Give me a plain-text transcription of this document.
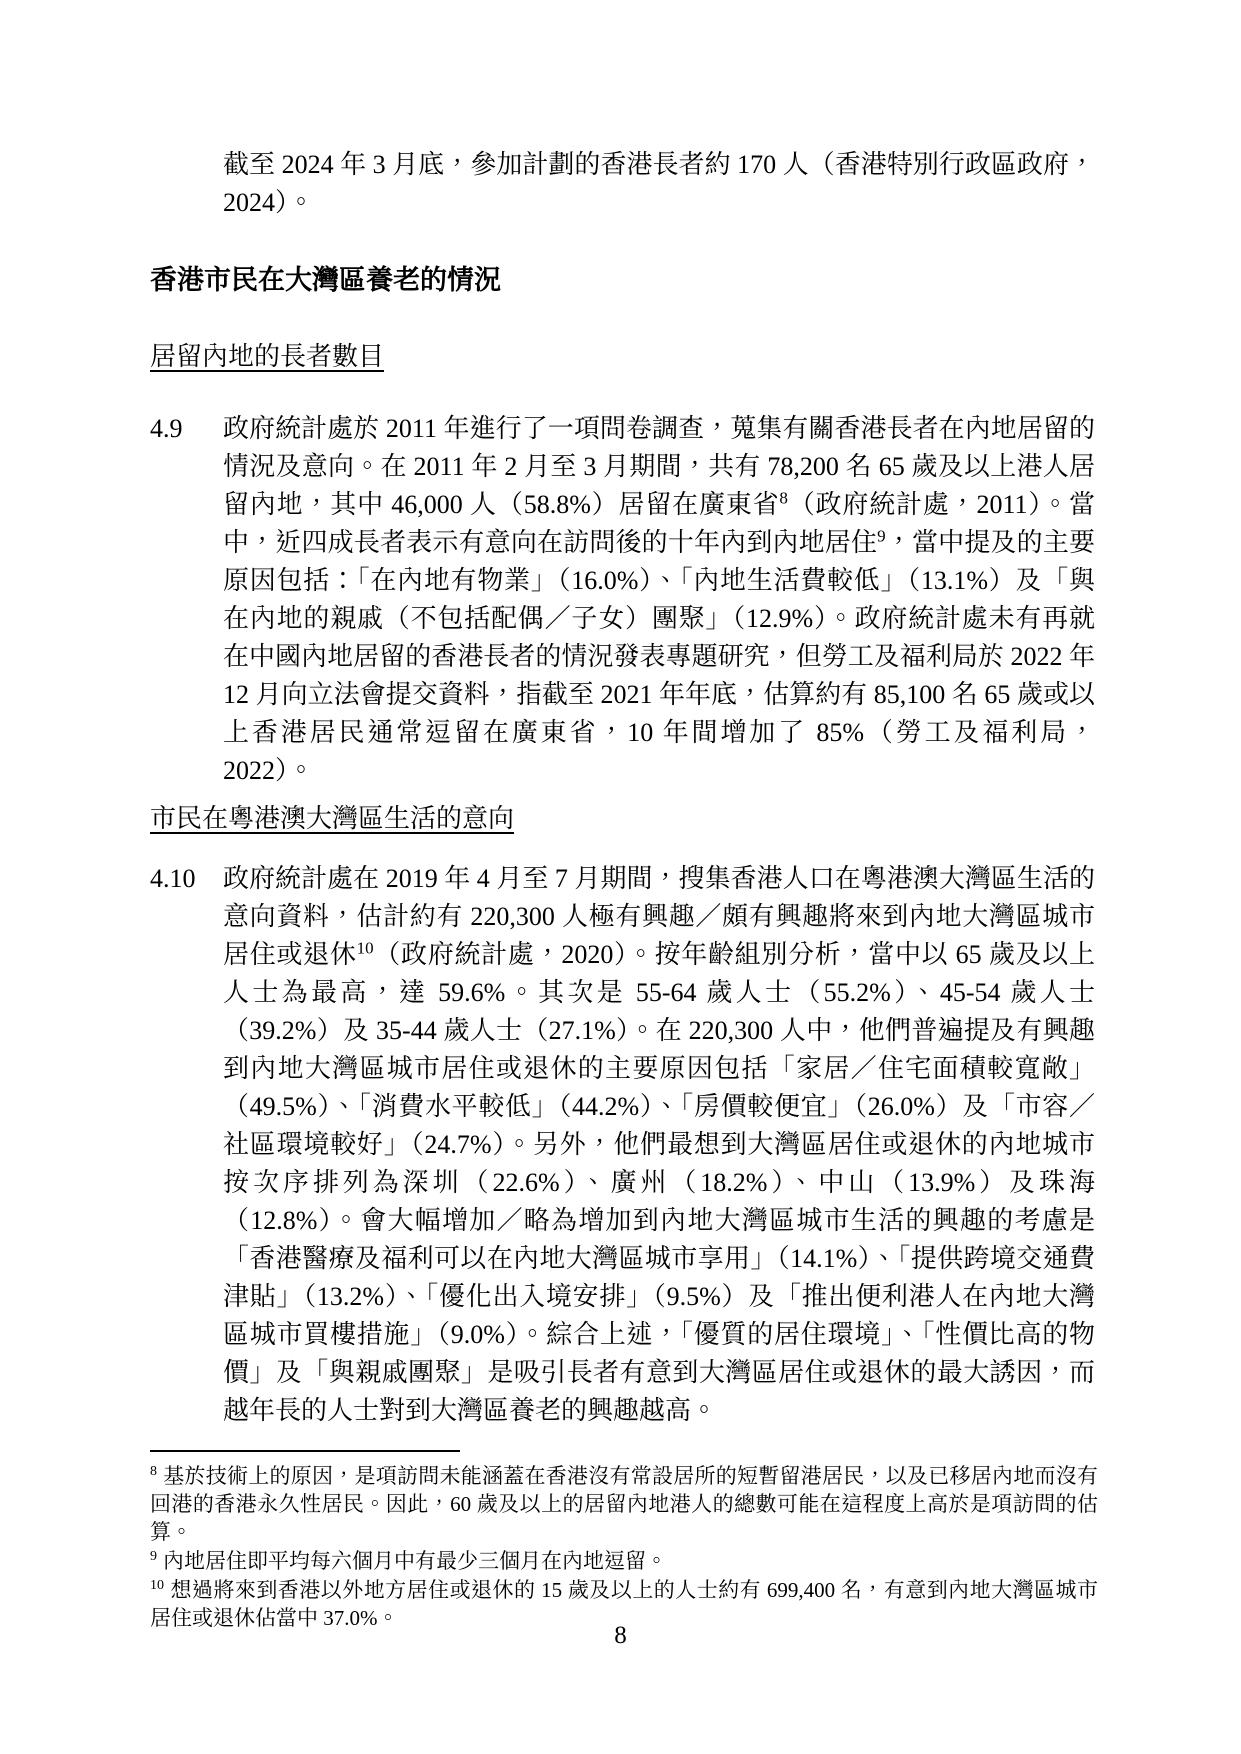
截至 2024 年 3 月底，參加計劃的香港長者約 170 人（香港特別行政區政府，2024）。
香港市民在大灣區養老的情況
居留內地的長者數目
4.9 政府統計處於 2011 年進行了一項問卷調查，蒐集有關香港長者在內地居留的情況及意向。在 2011 年 2 月至 3 月期間，共有 78,200 名 65 歲及以上港人居留內地，其中 46,000 人（58.8%）居留在廣東省$^8$（政府統計處，2011）。當中，近四成長者表示有意向在訪問後的十年內到內地居住$^9$，當中提及的主要原因包括：「在內地有物業」（16.0%）、「內地生活費較低」（13.1%）及「與在內地的親戚（不包括配偶／子女）團聚」（12.9%）。政府統計處未有再就在中國內地居留的香港長者的情況發表專題研究，但勞工及福利局於 2022 年 12 月向立法會提交資料，指截至 2021 年年底，估算約有 85,100 名 65 歲或以上香港居民通常逗留在廣東省，10 年間增加了 85%（勞工及福利局，2022）。
市民在粵港澳大灣區生活的意向
4.10 政府統計處在 2019 年 4 月至 7 月期間，搜集香港人口在粵港澳大灣區生活的意向資料，估計約有 220,300 人極有興趣／頗有興趣將來到內地大灣區城市居住或退休$^{10}$（政府統計處，2020）。按年齡組別分析，當中以 65 歲及以上人士為最高，達 59.6%。其次是 55-64 歲人士（55.2%）、45-54 歲人士（39.2%）及 35-44 歲人士（27.1%）。在 220,300 人中，他們普遍提及有興趣到內地大灣區城市居住或退休的主要原因包括「家居／住宅面積較寬敞」（49.5%）、「消費水平較低」（44.2%）、「房價較便宜」（26.0%）及「市容／社區環境較好」（24.7%）。另外，他們最想到大灣區居住或退休的內地城市按次序排列為深圳（22.6%）、廣州（18.2%）、中山（13.9%）及珠海（12.8%）。會大幅增加／略為增加到內地大灣區城市生活的興趣的考慮是「香港醫療及福利可以在內地大灣區城市享用」（14.1%）、「提供跨境交通費津貼」（13.2%）、「優化出入境安排」（9.5%）及「推出便利港人在內地大灣區城市買樓措施」（9.0%）。綜合上述，「優質的居住環境」、「性價比高的物價」及「與親戚團聚」是吸引長者有意到大灣區居住或退休的最大誘因，而越年長的人士對到大灣區養老的興趣越高。

$^8$ 基於技術上的原因，是項訪問未能涵蓋在香港沒有常設居所的短暫留港居民，以及已移居內地而沒有回港的香港永久性居民。因此，60 歲及以上的居留內地港人的總數可能在這程度上高於是項訪問的估算。

$^9$ 內地居住即平均每六個月中有最少三個月在內地逗留。

$^{10}$ 想過將來到香港以外地方居住或退休的 15 歲及以上的人士約有 699,400 名，有意到內地大灣區城市居住或退休佔當中 37.0%。

8
